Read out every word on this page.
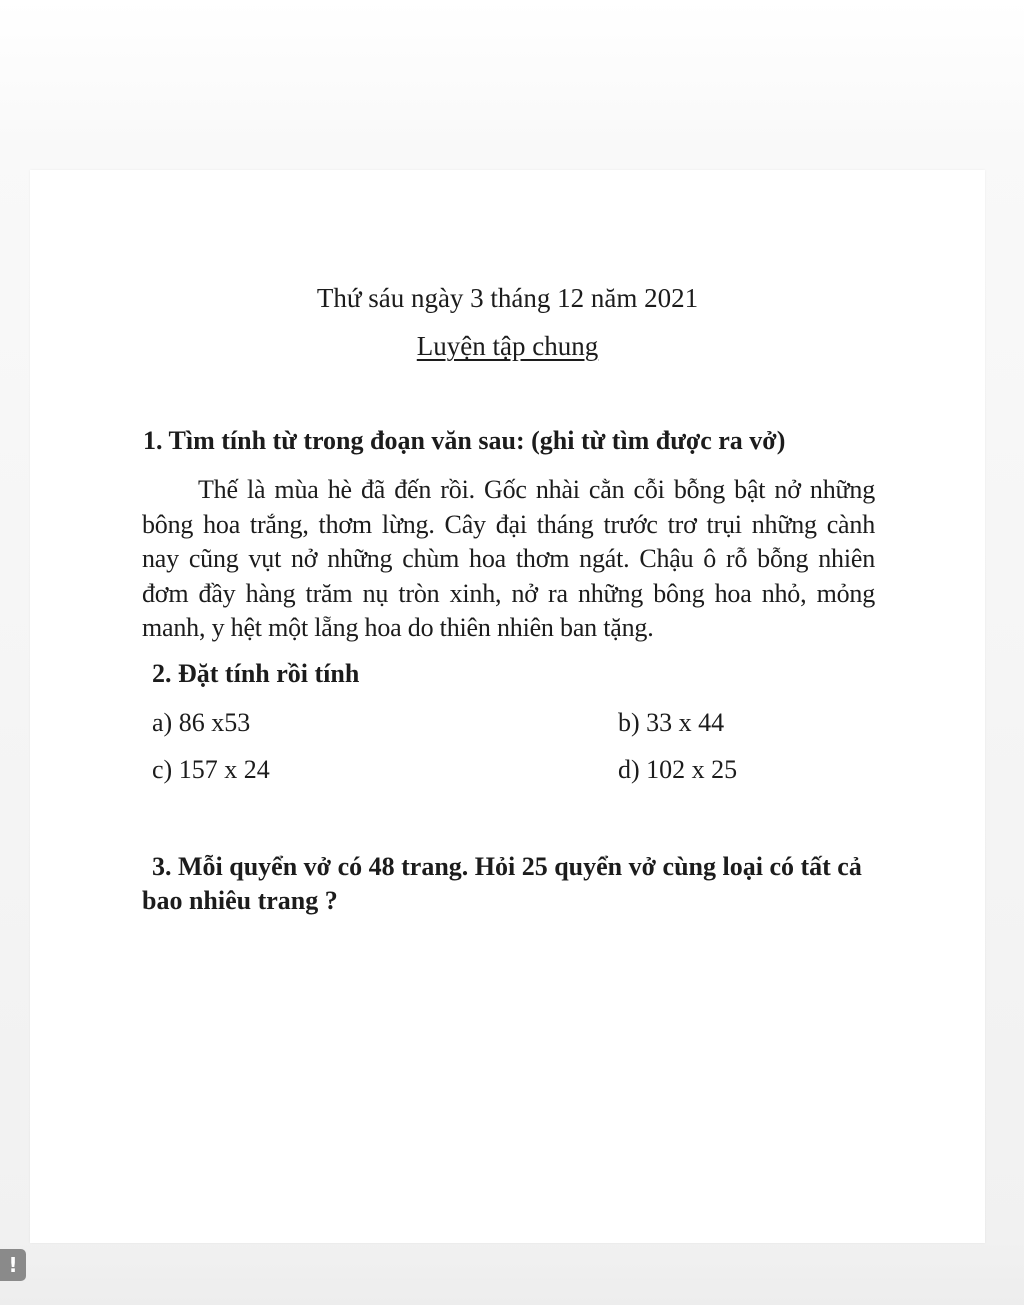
Thứ sáu ngày 3 tháng 12 năm 2021
Luyện tập chung
1. Tìm tính từ trong đoạn văn sau: (ghi từ tìm được ra vở)
Thế là mùa hè đã đến rồi. Gốc nhài cằn cỗi bỗng bật nở những bông hoa trắng, thơm lừng. Cây đại tháng trước trơ trụi những cành nay cũng vụt nở những chùm hoa thơm ngát. Chậu ô rỗ bỗng nhiên đơm đầy hàng trăm nụ tròn xinh, nở ra những bông hoa nhỏ, mỏng manh, y hệt một lẵng hoa do thiên nhiên ban tặng.
2. Đặt tính rồi tính
a) 86 x53	b) 33 x 44
c) 157 x 24	d) 102 x 25
3. Mỗi quyển vở có 48 trang. Hỏi 25 quyển vở cùng loại có tất cả bao nhiêu trang ?
!
